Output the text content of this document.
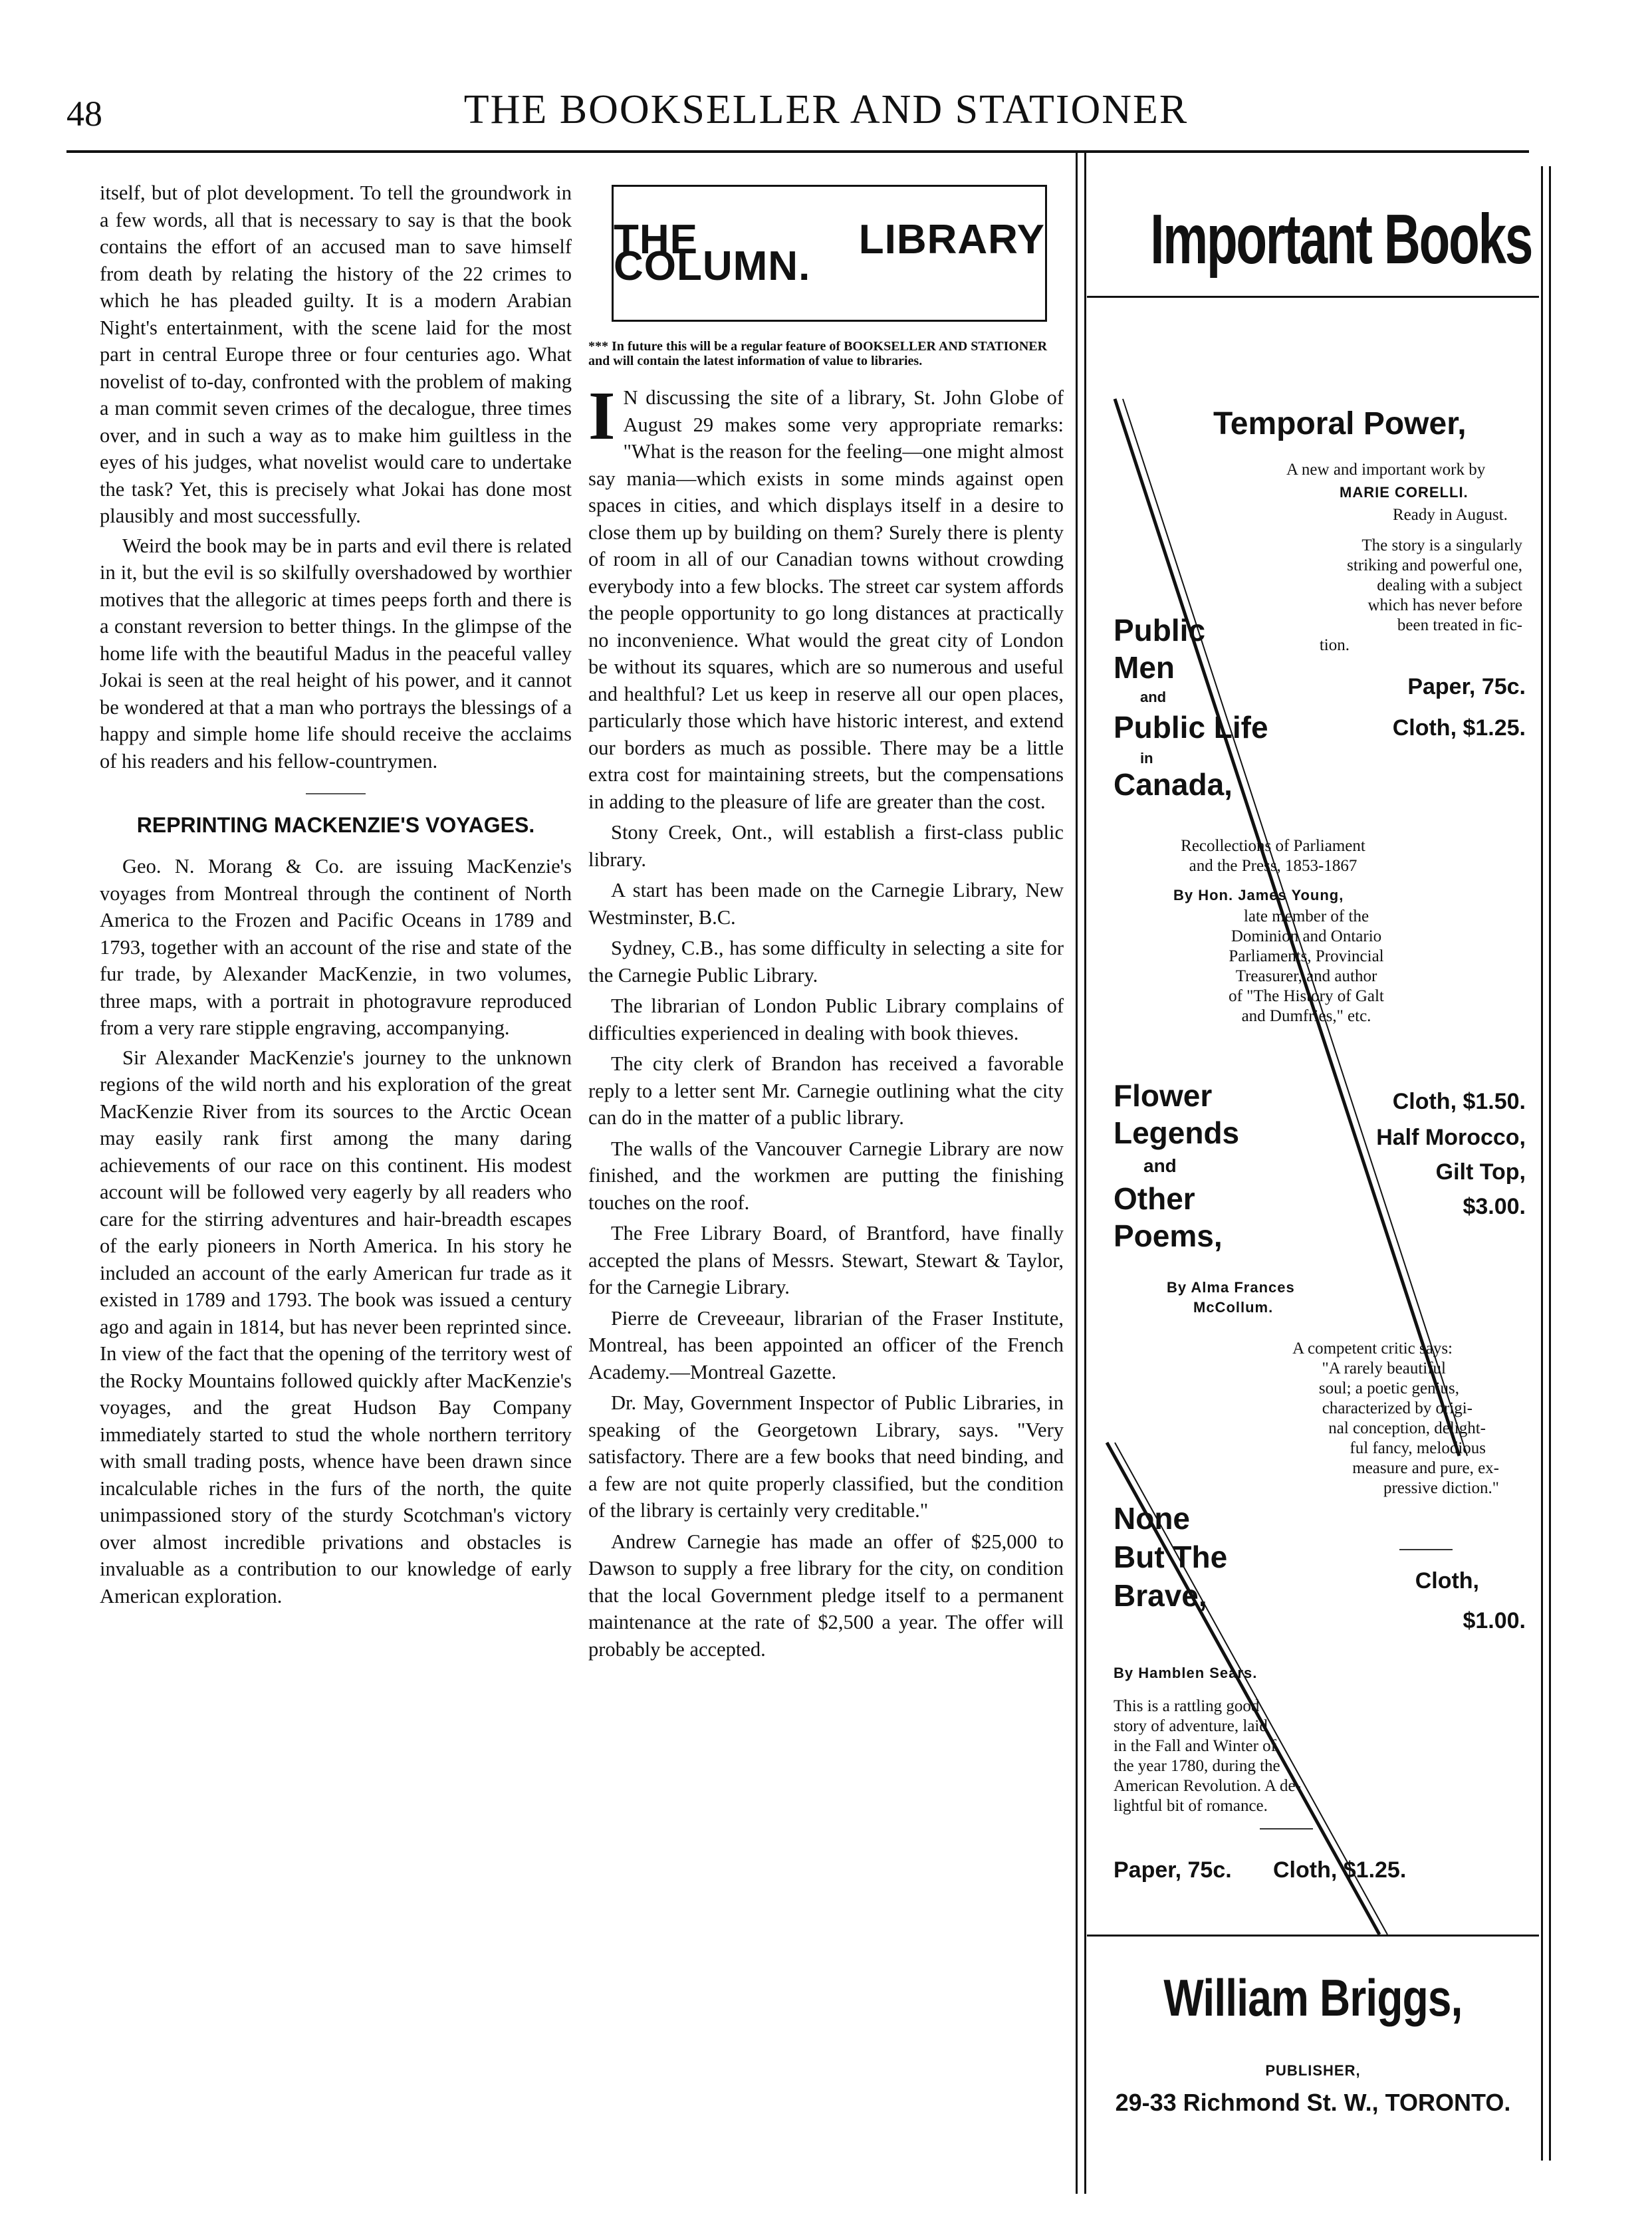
48	THE BOOKSELLER AND STATIONER

itself, but of plot development. To tell the groundwork in a few words, all that is necessary to say is that the book contains the effort of an accused man to save himself from death by relating the history of the 22 crimes to which he has pleaded guilty. It is a modern Arabian Night's entertainment, with the scene laid for the most part in central Europe three or four centuries ago. What novelist of to-day, confronted with the problem of making a man commit seven crimes of the decalogue, three times over, and in such a way as to make him guiltless in the eyes of his judges, what novelist would care to undertake the task? Yet, this is precisely what Jokai has done most plausibly and most successfully.

Weird the book may be in parts and evil there is related in it, but the evil is so skilfully overshadowed by worthier motives that the allegoric at times peeps forth and there is a constant reversion to better things. In the glimpse of the home life with the beautiful Madus in the peaceful valley Jokai is seen at the real height of his power, and it cannot be wondered at that a man who portrays the blessings of a happy and simple home life should receive the acclaims of his readers and his fellow-countrymen.

REPRINTING MACKENZIE'S VOYAGES.

Geo. N. Morang & Co. are issuing MacKenzie's voyages from Montreal through the continent of North America to the Frozen and Pacific Oceans in 1789 and 1793, together with an account of the rise and state of the fur trade, by Alexander MacKenzie, in two volumes, three maps, with a portrait in photogravure reproduced from a very rare stipple engraving, accompanying.

Sir Alexander MacKenzie's journey to the unknown regions of the wild north and his exploration of the great MacKenzie River from its sources to the Arctic Ocean may easily rank first among the many daring achievements of our race on this continent. His modest account will be followed very eagerly by all readers who care for the stirring adventures and hair-breadth escapes of the early pioneers in North America. In his story he included an account of the early American fur trade as it existed in 1789 and 1793. The book was issued a century ago and again in 1814, but has never been reprinted since. In view of the fact that the opening of the territory west of the Rocky Mountains followed quickly after MacKenzie's voyages, and the great Hudson Bay Company immediately started to stud the whole northern territory with small trading posts, whence have been drawn since incalculable riches in the furs of the north, the quite unimpassioned story of the sturdy Scotchman's victory over almost incredible privations and obstacles is invaluable as a contribution to our knowledge of early American exploration.

THE LIBRARY COLUMN.
*** In future this will be a regular feature of BOOKSELLER AND STATIONER and will contain the latest information of value to libraries.

I N discussing the site of a library, St. John Globe of August 29 makes some very appropriate remarks: "What is the reason for the feeling—one might almost say mania—which exists in some minds against open spaces in cities, and which displays itself in a desire to close them up by building on them? Surely there is plenty of room in all of our Canadian towns without crowding everybody into a few blocks. The street car system affords the people opportunity to go long distances at practically no inconvenience. What would the great city of London be without its squares, which are so numerous and useful and healthful? Let us keep in reserve all our open places, particularly those which have historic interest, and extend our borders as much as possible. There may be a little extra cost for maintaining streets, but the compensations in adding to the pleasure of life are greater than the cost.

Stony Creek, Ont., will establish a first-class public library.

A start has been made on the Carnegie Library, New Westminster, B.C.

Sydney, C.B., has some difficulty in selecting a site for the Carnegie Public Library.

The librarian of London Public Library complains of difficulties experienced in dealing with book thieves.

The city clerk of Brandon has received a favorable reply to a letter sent Mr. Carnegie outlining what the city can do in the matter of a public library.

The walls of the Vancouver Carnegie Library are now finished, and the workmen are putting the finishing touches on the roof.

The Free Library Board, of Brantford, have finally accepted the plans of Messrs. Stewart, Stewart & Taylor, for the Carnegie Library.

Pierre de Creveeaur, librarian of the Fraser Institute, Montreal, has been appointed an officer of the French Academy.—Montreal Gazette.

Dr. May, Government Inspector of Public Libraries, in speaking of the Georgetown Library, says. "Very satisfactory. There are a few books that need binding, and a few are not quite properly classified, but the condition of the library is certainly very creditable."

Andrew Carnegie has made an offer of $25,000 to Dawson to supply a free library for the city, on condition that the local Government pledge itself to a permanent maintenance at the rate of $2,500 a year. The offer will probably be accepted.

Important Books
Temporal Power,
A new and important work by
MARIE CORELLI.
Ready in August.
The story is a singularly
striking and powerful one,
dealing with a subject
which has never before
been treated in fic-
tion.
Paper, 75c.
Cloth, $1.25.
Public
Men
and
Public Life
in
Canada,
Recollections of Parliament
and the Press, 1853-1867
By Hon. James Young,
late member of the
Dominion and Ontario
Parliaments, Provincial
Treasurer, and author
of "The History of Galt
and Dumfries," etc.
Flower
Legends
and
Other
Poems,
Cloth, $1.50.
Half Morocco,
Gilt Top,
$3.00.
By Alma Frances
McCollum.
A competent critic says:
"A rarely beautiful
soul; a poetic genius,
characterized by origi-
nal conception, delight-
ful fancy, melodious
measure and pure, ex-
pressive diction."
None
But The
Brave,	Cloth,
$1.00.
By Hamblen Sears.
This is a rattling good
story of adventure, laid
in the Fall and Winter of
the year 1780, during the
American Revolution. A de-
lightful bit of romance.
Paper, 75c. Cloth, $1.25.
William Briggs,
PUBLISHER,
29-33 Richmond St. W., TORONTO.
